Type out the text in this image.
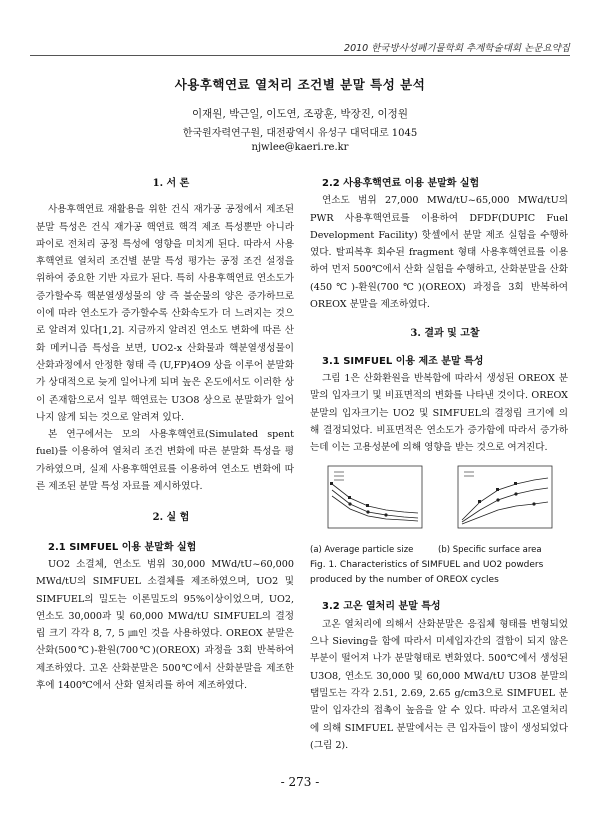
2010 한국방사성폐기물학회 추계학술대회 논문요약집
사용후핵연료 열처리 조건별 분말 특성 분석
이재원, 박근일, 이도연, 조광훈, 박장진, 이정원
한국원자력연구원, 대전광역시 유성구 대덕대로 1045
njwlee@kaeri.re.kr

1. 서 론

사용후핵연료 재활용을 위한 건식 재가공 공정에서 제조된 분말 특성은 건식 재가공 핵연료 핵격 제조 특성뿐만 아니라 파이로 전처리 공정 특성에 영향을 미치게 된다. 따라서 사용후핵연료 열처리 조건별 분말 특성 평가는 공정 조건 설정을 위하여 중요한 기반 자료가 된다. 특히 사용후핵연료 연소도가 증가할수록 핵분열생성물의 양 즉 불순물의 양은 증가하므로 이에 따라 연소도가 증가할수록 산화속도가 더 느려지는 것으로 알려져 있다[1,2]. 지금까지 알려진 연소도 변화에 따른 산화 메커니즘 특성을 보면, UO2-x 산화물과 핵분열생성물이 산화과정에서 안정한 형태 즉 (U,FP)4O9 상을 이루어 분말화가 상대적으로 늦게 일어나게 되며 높은 온도에서도 이러한 상이 존재함으로서 일부 핵연료는 U3O8 상으로 분말화가 일어나지 않게 되는 것으로 알려져 있다.

본 연구에서는 모의 사용후핵연료(Simulated spent fuel)를 이용하여 열처리 조건 변화에 따른 분말화 특성을 평가하였으며, 실제 사용후핵연료를 이용하여 연소도 변화에 따른 제조된 분말 특성 자료를 제시하였다.

2. 실 험

2.1 SIMFUEL 이용 분말화 실험

UO2 소결체, 연소도 범위 30,000 MWd/tU~60,000 MWd/tU의 SIMFUEL 소결체를 제조하였으며, UO2 및 SIMFUEL의 밀도는 이론밀도의 95%이상이었으며, UO2, 연소도 30,000과 및 60,000 MWd/tU SIMFUEL의 결정립 크기 각각 8, 7, 5 ㎛인 것을 사용하였다. OREOX 분말은 산화(500℃)-환원(700℃)(OREOX) 과정을 3회 반복하여 제조하였다. 고온 산화분말은 500℃에서 산화분말을 제조한 후에 1400℃에서 산화 열처리를 하여 제조하였다.

2.2 사용후핵연료 이용 분말화 실험

연소도 범위 27,000 MWd/tU~65,000 MWd/tU의 PWR 사용후핵연료를 이용하여 DFDF(DUPIC Fuel Development Facility) 핫셀에서 분말 제조 실험을 수행하였다. 탈피복후 회수된 fragment 형태 사용후핵연료를 이용하여 먼저 500℃에서 산화 실험을 수행하고, 산화분말을 산화(450℃)-환원(700℃)(OREOX) 과정을 3회 반복하여 OREOX 분말을 제조하였다.

3. 결과 및 고찰

3.1 SIMFUEL 이용 제조 분말 특성

그림 1은 산화환원을 반복함에 따라서 생성된 OREOX 분말의 입자크기 및 비표면적의 변화를 나타낸 것이다. OREOX 분말의 입자크기는 UO2 및 SIMFUEL의 결정립 크기에 의해 결정되었다. 비표면적은 연소도가 증가함에 따라서 증가하는데 이는 고용성분에 의해 영향을 받는 것으로 여겨진다.

(a) Average particle size	(b) Specific surface area

Fig. 1. Characteristics of SIMFUEL and UO2 powders produced by the number of OREOX cycles

3.2 고온 열처리 분말 특성

고온 열처리에 의해서 산화분말은 응집체 형태를 변형되었으나 Sieving을 함에 따라서 미세입자간의 결합이 되지 않은 부분이 떨어져 나가 분말형태로 변화였다. 500℃에서 생성된 U3O8, 연소도 30,000 및 60,000 MWd/tU U3O8 분말의 탭밀도는 각각 2.51, 2.69, 2.65 g/cm3으로 SIMFUEL 분말이 입자간의 접촉이 높음을 알 수 있다. 따라서 고온열처리에 의해 SIMFUEL 분말에서는 큰 입자들이 많이 생성되었다(그림 2).

- 273 -
